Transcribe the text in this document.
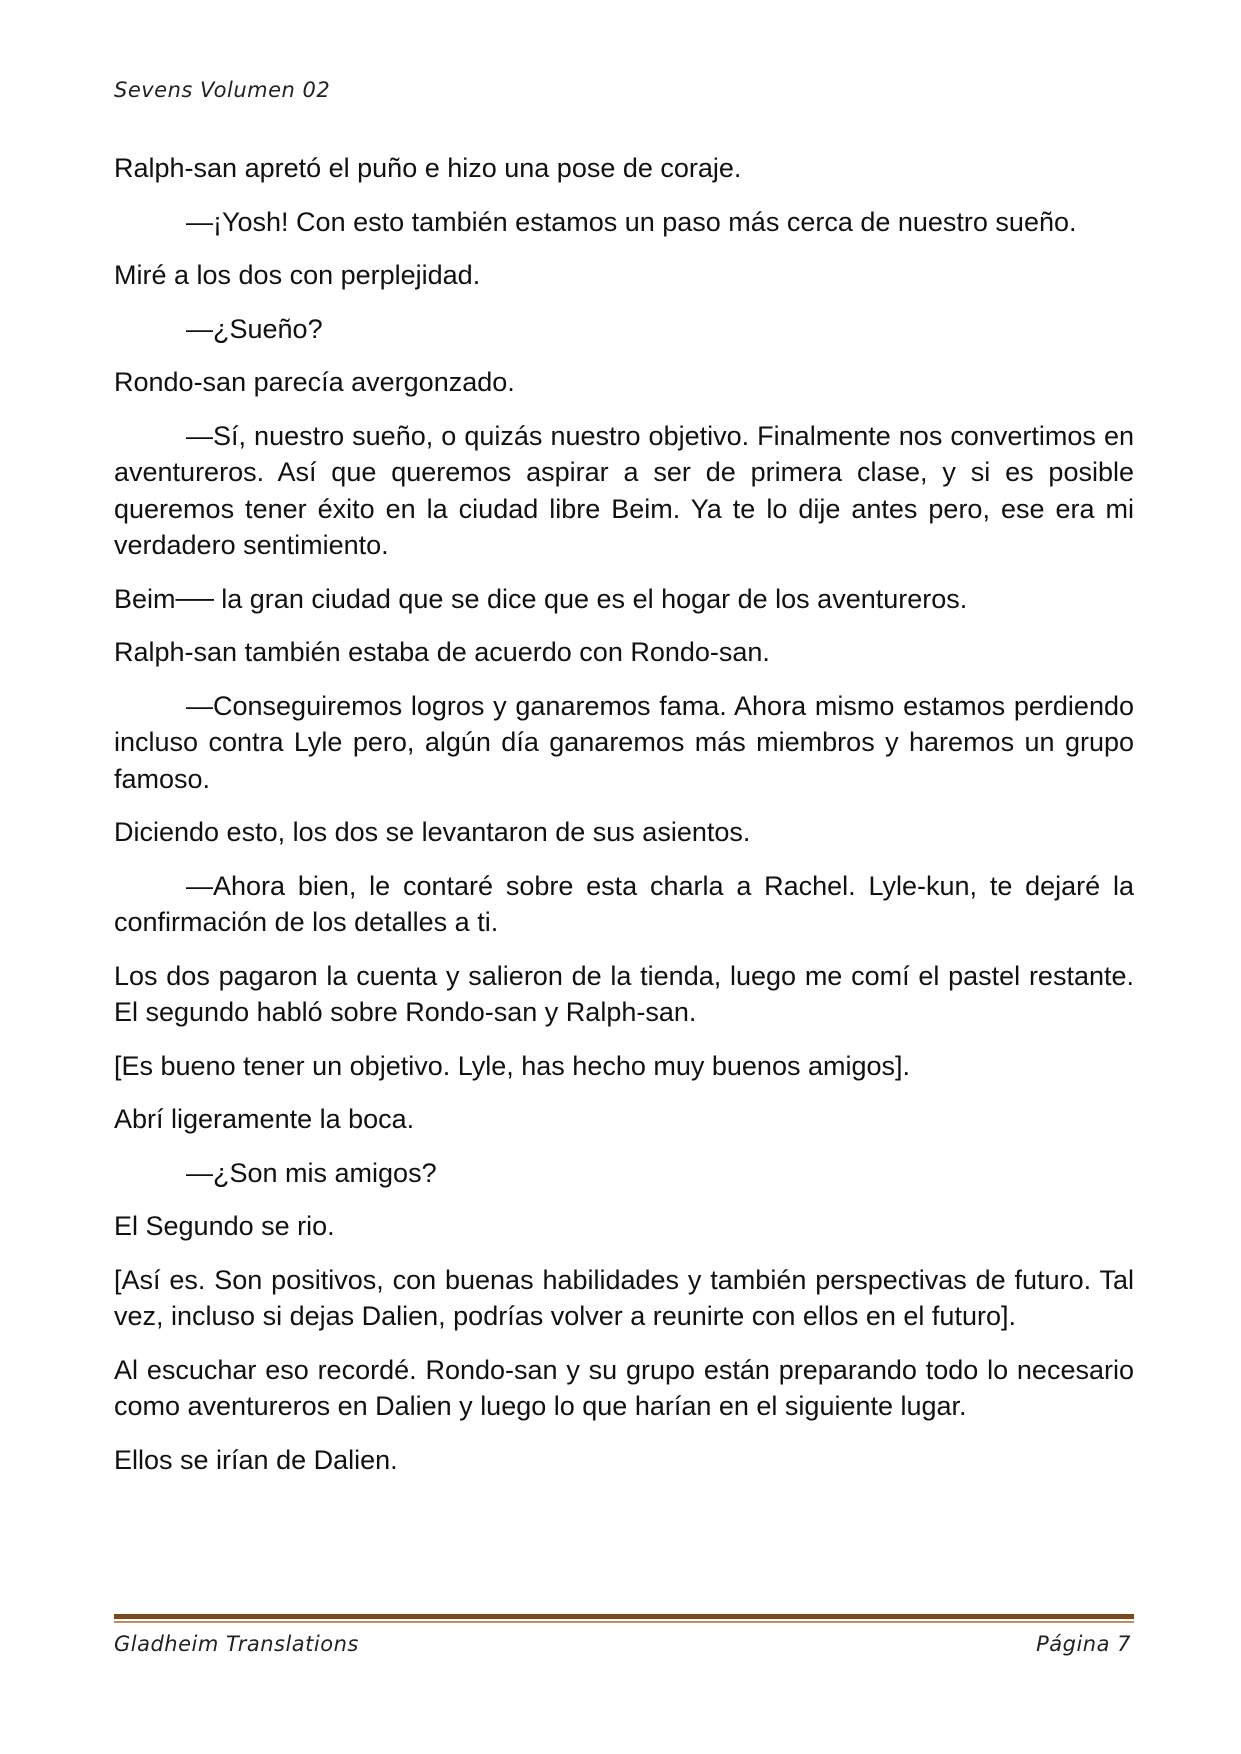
Sevens Volumen 02

Ralph-san apretó el puño e hizo una pose de coraje.

—¡Yosh! Con esto también estamos un paso más cerca de nuestro sueño.

Miré a los dos con perplejidad.

—¿Sueño?

Rondo-san parecía avergonzado.

—Sí, nuestro sueño, o quizás nuestro objetivo. Finalmente nos convertimos en aventureros. Así que queremos aspirar a ser de primera clase, y si es posible queremos tener éxito en la ciudad libre Beim. Ya te lo dije antes pero, ese era mi verdadero sentimiento.

Beim── la gran ciudad que se dice que es el hogar de los aventureros.

Ralph-san también estaba de acuerdo con Rondo-san.

—Conseguiremos logros y ganaremos fama. Ahora mismo estamos perdiendo incluso contra Lyle pero, algún día ganaremos más miembros y haremos un grupo famoso.

Diciendo esto, los dos se levantaron de sus asientos.

—Ahora bien, le contaré sobre esta charla a Rachel. Lyle-kun, te dejaré la confirmación de los detalles a ti.

Los dos pagaron la cuenta y salieron de la tienda, luego me comí el pastel restante. El segundo habló sobre Rondo-san y Ralph-san.

[Es bueno tener un objetivo. Lyle, has hecho muy buenos amigos].

Abrí ligeramente la boca.

—¿Son mis amigos?

El Segundo se rio.

[Así es. Son positivos, con buenas habilidades y también perspectivas de futuro. Tal vez, incluso si dejas Dalien, podrías volver a reunirte con ellos en el futuro].

Al escuchar eso recordé. Rondo-san y su grupo están preparando todo lo necesario como aventureros en Dalien y luego lo que harían en el siguiente lugar.

Ellos se irían de Dalien.

Gladheim Translations	Página 7
